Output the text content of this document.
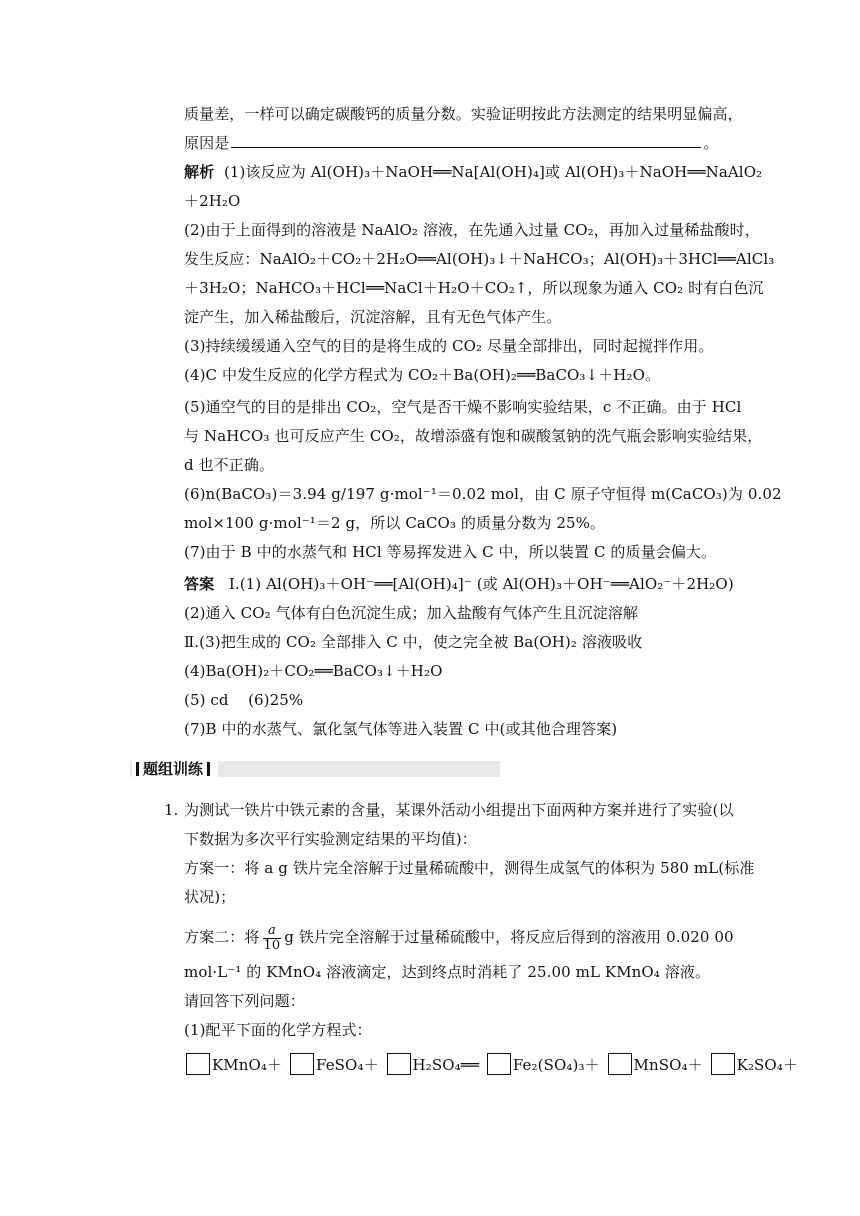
质量差，一样可以确定碳酸钙的质量分数。实验证明按此方法测定的结果明显偏高，
原因是	。
解析 (1)该反应为 Al(OH)₃＋NaOH══Na[Al(OH)₄]或 Al(OH)₃＋NaOH══NaAlO₂
＋2H₂O
(2)由于上面得到的溶液是 NaAlO₂ 溶液，在先通入过量 CO₂，再加入过量稀盐酸时，
发生反应：NaAlO₂＋CO₂＋2H₂O══Al(OH)₃↓＋NaHCO₃；Al(OH)₃＋3HCl══AlCl₃
＋3H₂O；NaHCO₃＋HCl══NaCl＋H₂O＋CO₂↑，所以现象为通入 CO₂ 时有白色沉
淀产生，加入稀盐酸后，沉淀溶解，且有无色气体产生。
(3)持续缓缓通入空气的目的是将生成的 CO₂ 尽量全部排出，同时起搅拌作用。
(4)C 中发生反应的化学方程式为 CO₂＋Ba(OH)₂══BaCO₃↓＋H₂O。
(5)通空气的目的是排出 CO₂，空气是否干燥不影响实验结果，c 不正确。由于 HCl
与 NaHCO₃ 也可反应产生 CO₂，故增添盛有饱和碳酸氢钠的洗气瓶会影响实验结果，
d 也不正确。
(6)n(BaCO₃)＝3.94 g/197 g·mol⁻¹＝0.02 mol，由 C 原子守恒得 m(CaCO₃)为 0.02
mol×100 g·mol⁻¹＝2 g，所以 CaCO₃ 的质量分数为 25%。
(7)由于 B 中的水蒸气和 HCl 等易挥发进入 C 中，所以装置 C 的质量会偏大。
答案 Ⅰ.(1) Al(OH)₃＋OH⁻══[Al(OH)₄]⁻ (或 Al(OH)₃＋OH⁻══AlO₂⁻＋2H₂O)
(2)通入 CO₂ 气体有白色沉淀生成；加入盐酸有气体产生且沉淀溶解
Ⅱ.(3)把生成的 CO₂ 全部排入 C 中，使之完全被 Ba(OH)₂ 溶液吸收
(4)Ba(OH)₂＋CO₂══BaCO₃↓＋H₂O
(5) cd    (6)25%
(7)B 中的水蒸气、氯化氢气体等进入装置 C 中(或其他合理答案)
题组训练
1. 为测试一铁片中铁元素的含量，某课外活动小组提出下面两种方案并进行了实验(以
下数据为多次平行实验测定结果的平均值)：
方案一：将 a g 铁片完全溶解于过量稀硫酸中，测得生成氢气的体积为 580 mL(标准
状况)；
方案二：将 $\frac{a}{10}$ g 铁片完全溶解于过量稀硫酸中，将反应后得到的溶液用 0.020 00
mol·L⁻¹ 的 KMnO₄ 溶液滴定，达到终点时消耗了 25.00 mL KMnO₄ 溶液。
请回答下列问题：
(1)配平下面的化学方程式：
KMnO₄＋ FeSO₄＋ H₂SO₄══ Fe₂(SO₄)₃＋ MnSO₄＋ K₂SO₄＋
